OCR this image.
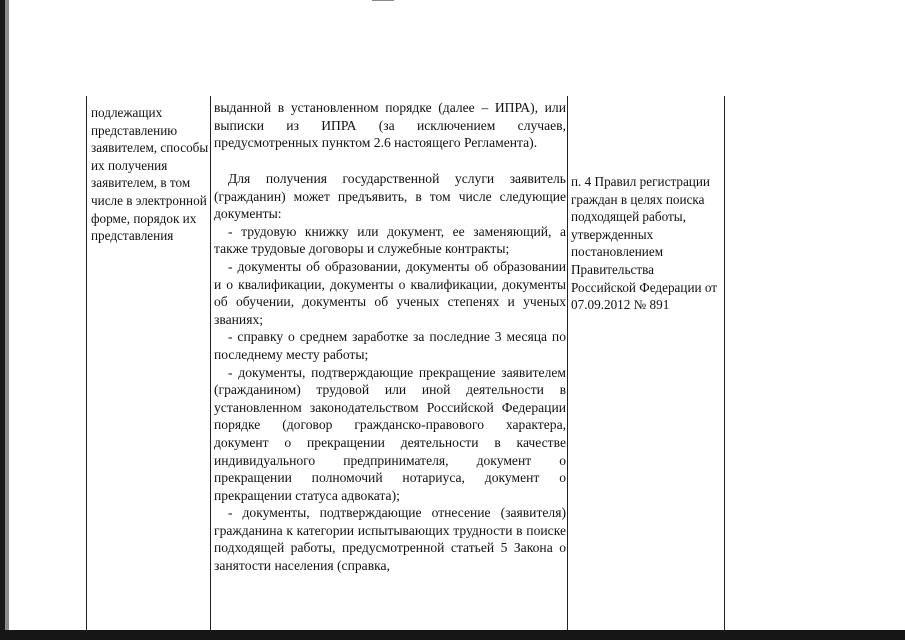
подлежащих представлению заявителем, способы их получения заявителем, в том числе в электронной форме, порядок их представления

выданной в установленном порядке (далее – ИПРА), или выписки из ИПРА (за исключением случаев, предусмотренных пунктом 2.6 настоящего Регламента).

Для получения государственной услуги заявитель (гражданин) может предъявить, в том числе следующие документы:

- трудовую книжку или документ, ее заменяющий, а также трудовые договоры и служебные контракты;

- документы об образовании, документы об образовании и о квалификации, документы о квалификации, документы об обучении, документы об ученых степенях и ученых званиях;

- справку о среднем заработке за последние 3 месяца по последнему месту работы;

- документы, подтверждающие прекращение заявителем (гражданином) трудовой или иной деятельности в установленном законодательством Российской Федерации порядке (договор гражданско-правового характера, документ о прекращении деятельности в качестве индивидуального предпринимателя, документ о прекращении полномочий нотариуса, документ о прекращении статуса адвоката);

- документы, подтверждающие отнесение (заявителя) гражданина к категории испытывающих трудности в поиске подходящей работы, предусмотренной статьей 5 Закона о занятости населения (справка,

п. 4 Правил регистрации граждан в целях поиска подходящей работы, утвержденных постановлением Правительства Российской Федерации от 07.09.2012 № 891
